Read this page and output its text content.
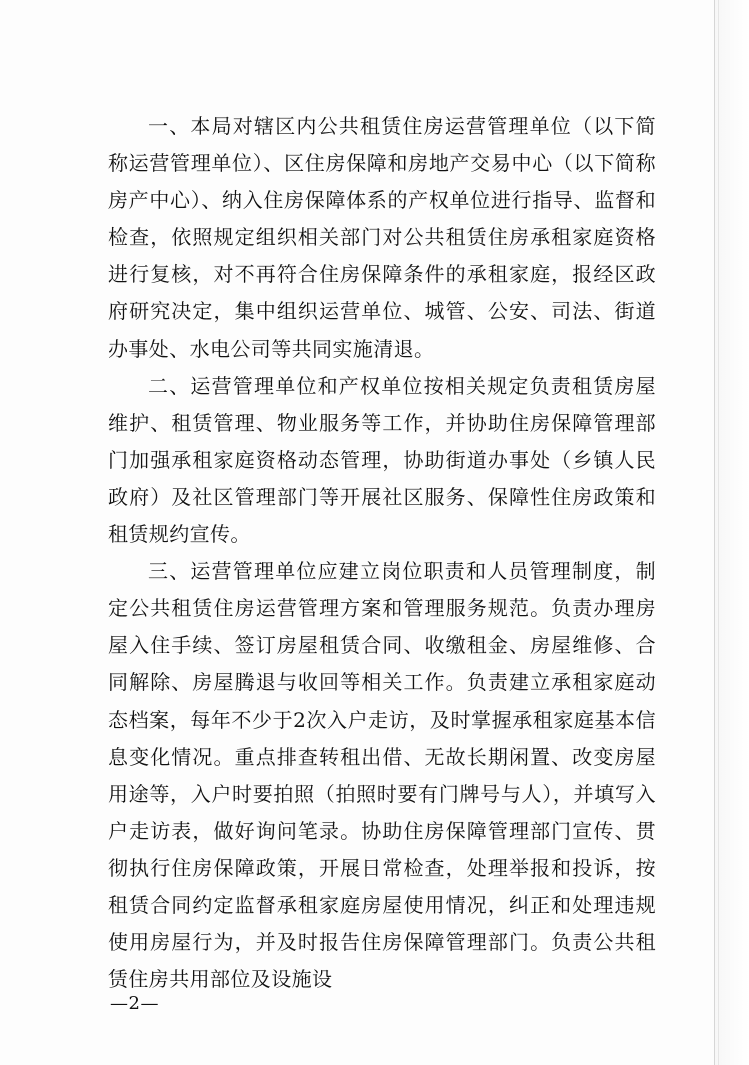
一、本局对辖区内公共租赁住房运营管理单位（以下简称运营管理单位）、区住房保障和房地产交易中心（以下简称房产中心）、纳入住房保障体系的产权单位进行指导、监督和检查，依照规定组织相关部门对公共租赁住房承租家庭资格进行复核，对不再符合住房保障条件的承租家庭，报经区政府研究决定，集中组织运营单位、城管、公安、司法、街道办事处、水电公司等共同实施清退。

二、运营管理单位和产权单位按相关规定负责租赁房屋维护、租赁管理、物业服务等工作，并协助住房保障管理部门加强承租家庭资格动态管理，协助街道办事处（乡镇人民政府）及社区管理部门等开展社区服务、保障性住房政策和租赁规约宣传。

三、运营管理单位应建立岗位职责和人员管理制度，制定公共租赁住房运营管理方案和管理服务规范。负责办理房屋入住手续、签订房屋租赁合同、收缴租金、房屋维修、合同解除、房屋腾退与收回等相关工作。负责建立承租家庭动态档案，每年不少于2次入户走访，及时掌握承租家庭基本信息变化情况。重点排查转租出借、无故长期闲置、改变房屋用途等，入户时要拍照（拍照时要有门牌号与人），并填写入户走访表，做好询问笔录。协助住房保障管理部门宣传、贯彻执行住房保障政策，开展日常检查，处理举报和投诉，按租赁合同约定监督承租家庭房屋使用情况，纠正和处理违规使用房屋行为，并及时报告住房保障管理部门。负责公共租赁住房共用部位及设施设

—2—
